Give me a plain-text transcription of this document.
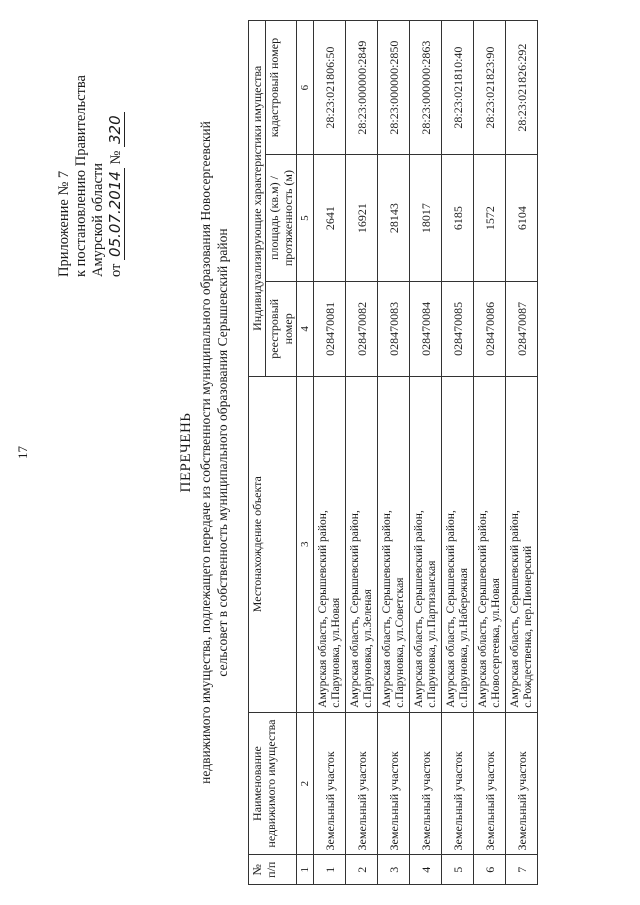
17
Приложение № 7 к постановлению Правительства Амурской области от 05.07.2014 № 320
ПЕРЕЧЕНЬ недвижимого имущества, подлежащего передаче из собственности муниципального образования Новосергеевский сельсовет в собственность муниципального образования Серышевский район
№ п/п	Наименование недвижимого имущества	Местонахождение объекта	Индивидуализирующие характеристики имущества		
			реестровый номер	площадь (кв.м) / протяженность (м)	кадастровый номер
1	2	3	4	5	6
1	Земельный участок	Амурская область, Серышевский район, с.Паруновка, ул.Новая	028470081	2641	28:23:021806:50
2	Земельный участок	Амурская область, Серышевский район, с.Паруновка, ул.Зеленая	028470082	16921	28:23:000000:2849
3	Земельный участок	Амурская область, Серышевский район, с.Паруновка, ул.Советская	028470083	28143	28:23:000000:2850
4	Земельный участок	Амурская область, Серышевский район, с.Паруновка, ул.Партизанская	028470084	18017	28:23:000000:2863
5	Земельный участок	Амурская область, Серышевский район, с.Паруновка, ул.Набережная	028470085	6185	28:23:021810:40
6	Земельный участок	Амурская область, Серышевский район, с.Новосергеевка, ул.Новая	028470086	1572	28:23:021823:90
7	Земельный участок	Амурская область, Серышевский район, с.Рождественка, пер.Пионерский	028470087	6104	28:23:021826:292
